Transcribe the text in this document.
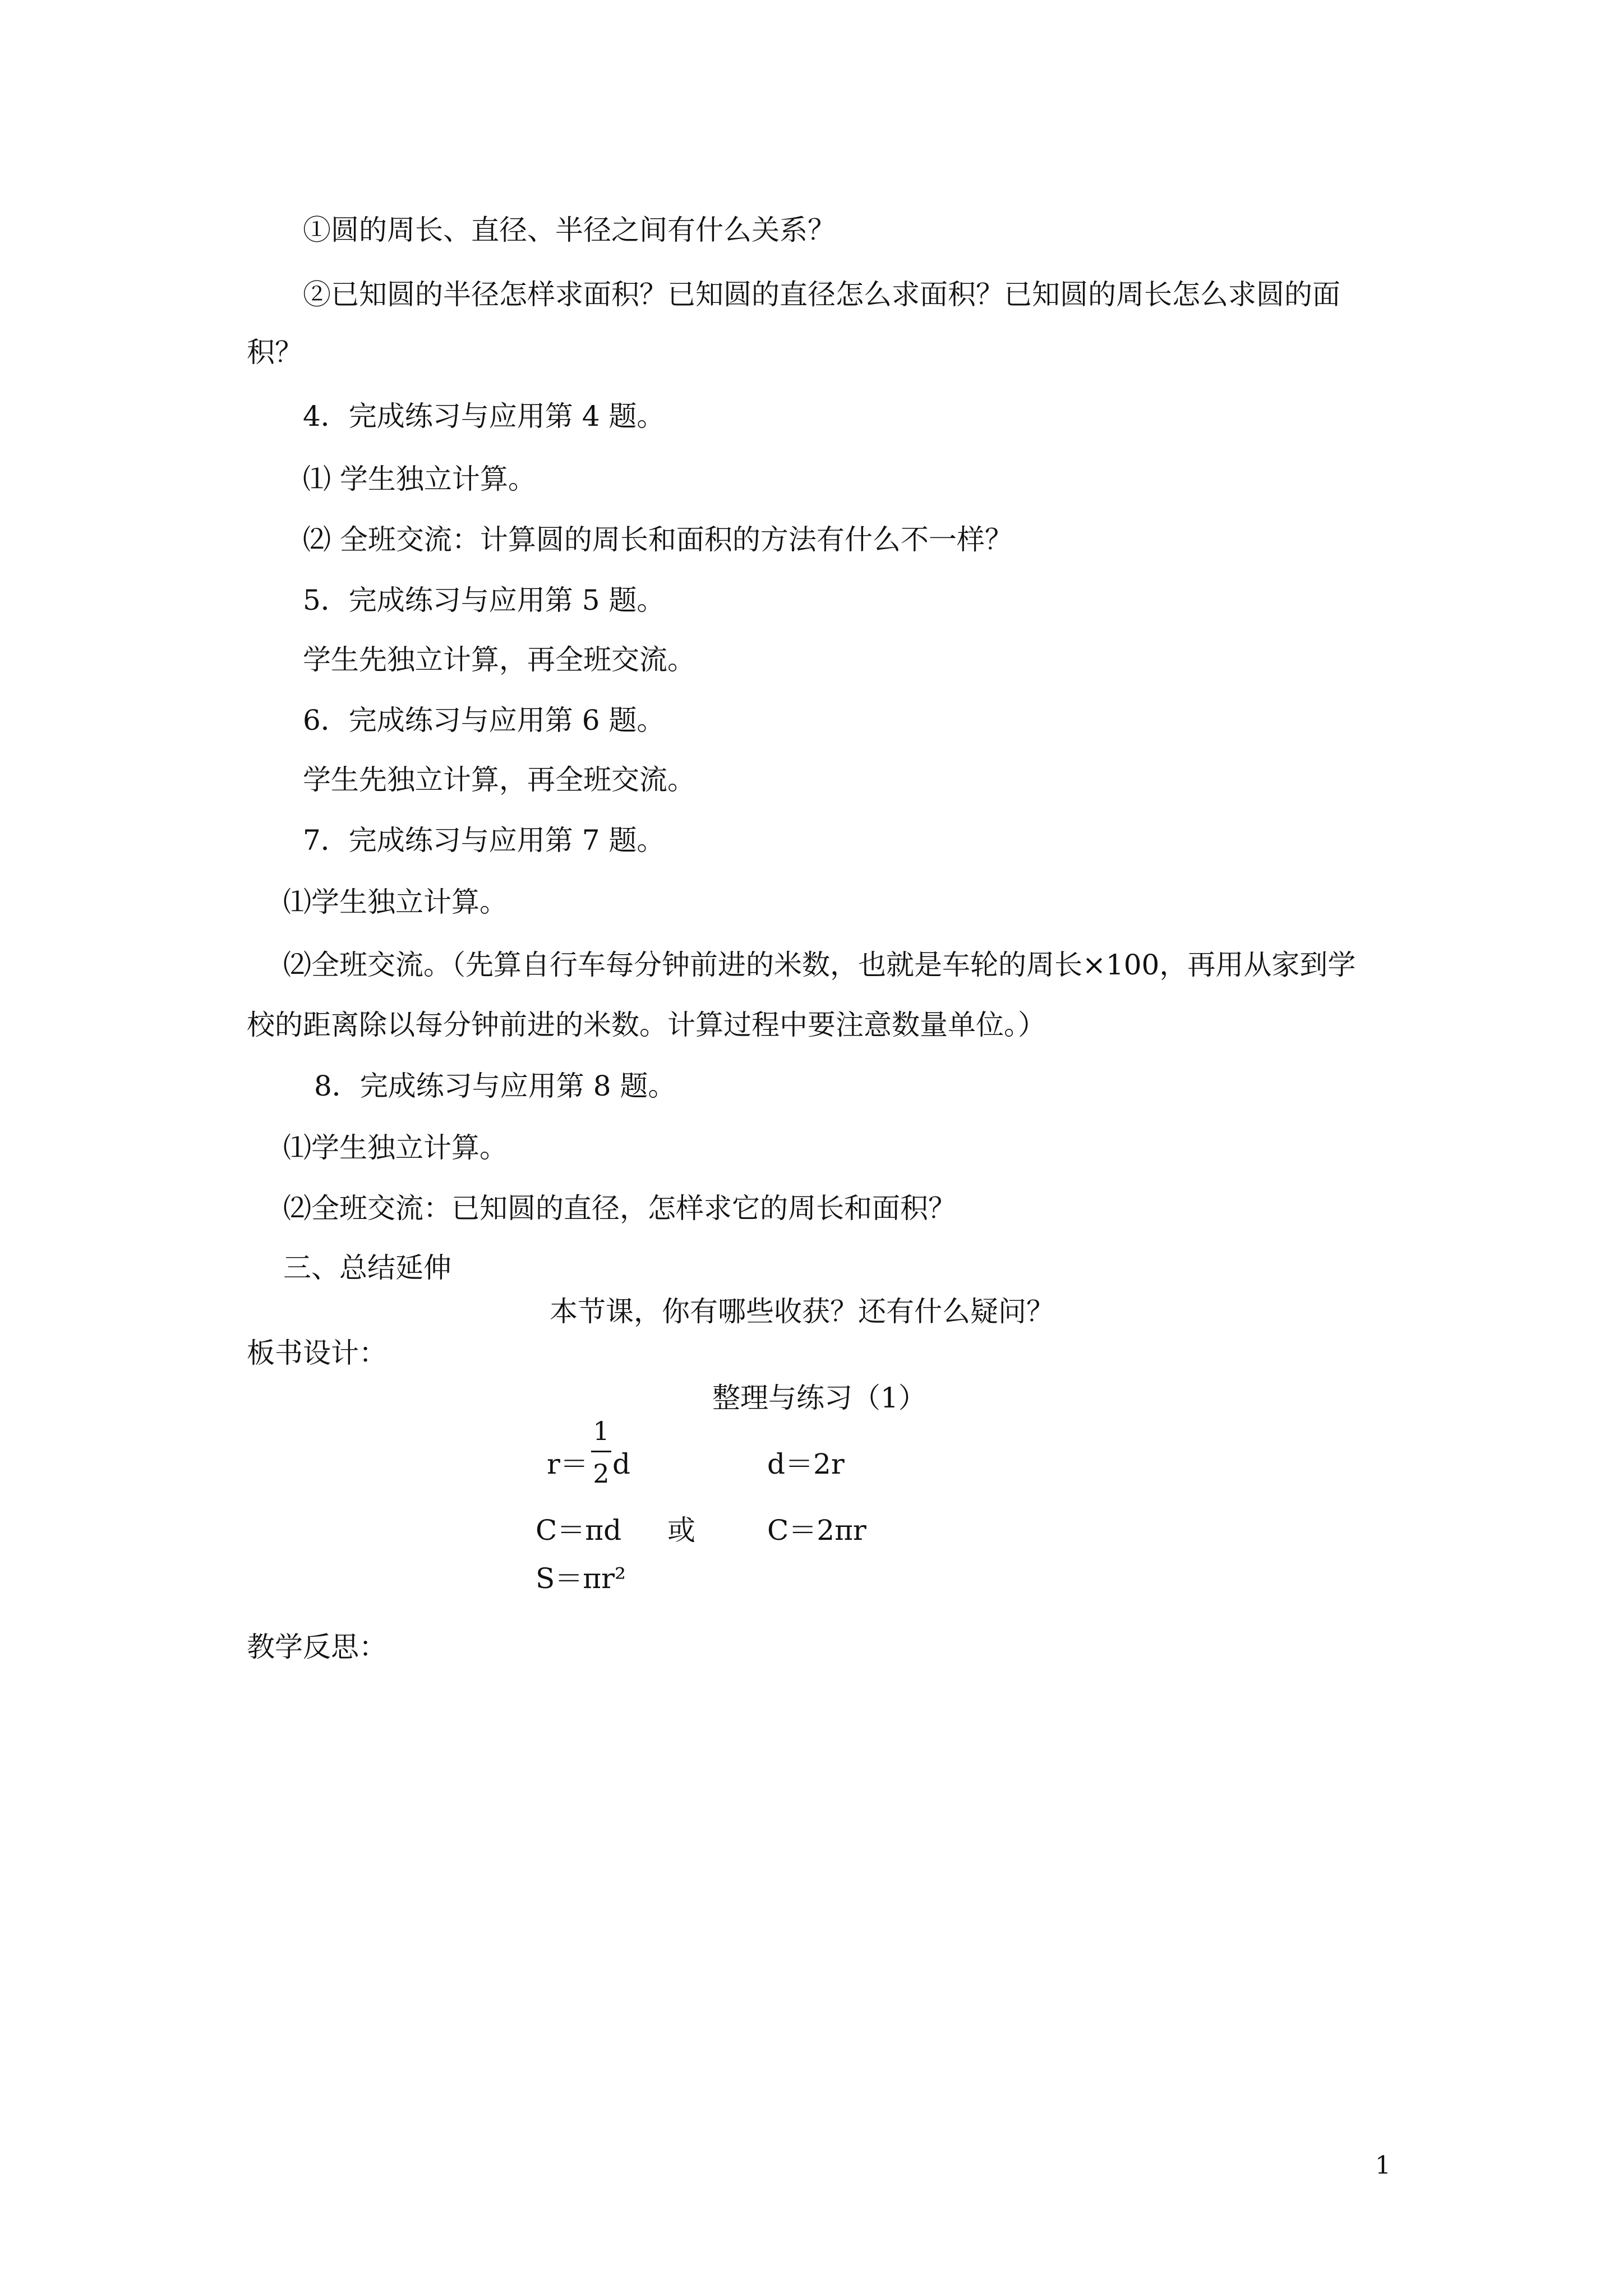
①圆的周长、直径、半径之间有什么关系？
②已知圆的半径怎样求面积？已知圆的直径怎么求面积？已知圆的周长怎么求圆的面
积？
4．完成练习与应用第 4 题。
⑴ 学生独立计算。
⑵ 全班交流：计算圆的周长和面积的方法有什么不一样？
5．完成练习与应用第 5 题。
学生先独立计算，再全班交流。
6．完成练习与应用第 6 题。
学生先独立计算，再全班交流。
7．完成练习与应用第 7 题。
⑴学生独立计算。
⑵全班交流。（先算自行车每分钟前进的米数，也就是车轮的周长×100，再用从家到学
校的距离除以每分钟前进的米数。计算过程中要注意数量单位。）
8．完成练习与应用第 8 题。
⑴学生独立计算。
⑵全班交流：已知圆的直径，怎样求它的周长和面积？
三、总结延伸
本节课，你有哪些收获？还有什么疑问？
板书设计：
整理与练习（1）
r＝
1
2 d	d＝2r
C＝πd 或	C＝2πr
S＝πr²
教学反思：
1
